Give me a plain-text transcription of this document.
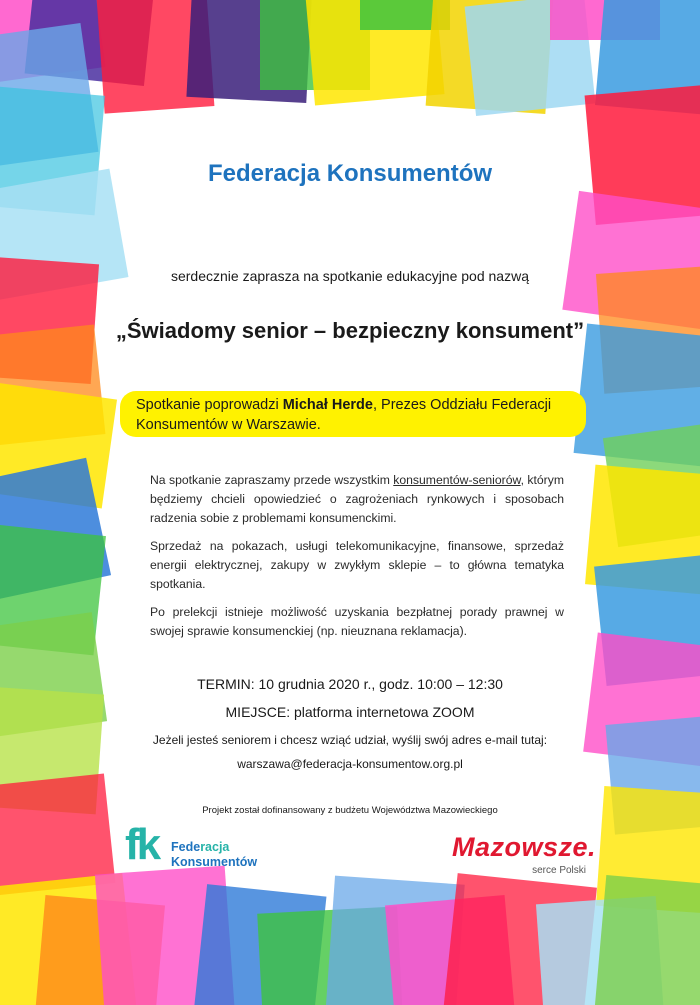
Federacja Konsumentów
serdecznie zaprasza na spotkanie edukacyjne pod nazwą
„Świadomy senior – bezpieczny konsument”
Spotkanie poprowadzi Michał Herde, Prezes Oddziału Federacji Konsumentów w Warszawie.
Na spotkanie zapraszamy przede wszystkim konsumentów-seniorów, którym będziemy chcieli opowiedzieć o zagrożeniach rynkowych i sposobach radzenia sobie z problemami konsumenckimi.
Sprzedaż na pokazach, usługi telekomunikacyjne, finansowe, sprzedaż energii elektrycznej, zakupy w zwykłym sklepie – to główna tematyka spotkania.
Po prelekcji istnieje możliwość uzyskania bezpłatnej porady prawnej w swojej sprawie konsumenckiej (np. nieuznana reklamacja).
TERMIN: 10 grudnia 2020 r., godz. 10:00 – 12:30
MIEJSCE: platforma internetowa ZOOM
Jeżeli jesteś seniorem i chcesz wziąć udział, wyślij swój adres e-mail tutaj:
warszawa@federacja-konsumentow.org.pl
Projekt został dofinansowany z budżetu Województwa Mazowieckiego
fk Federacja
Konsumentów	Mazowsze.
serce Polski
